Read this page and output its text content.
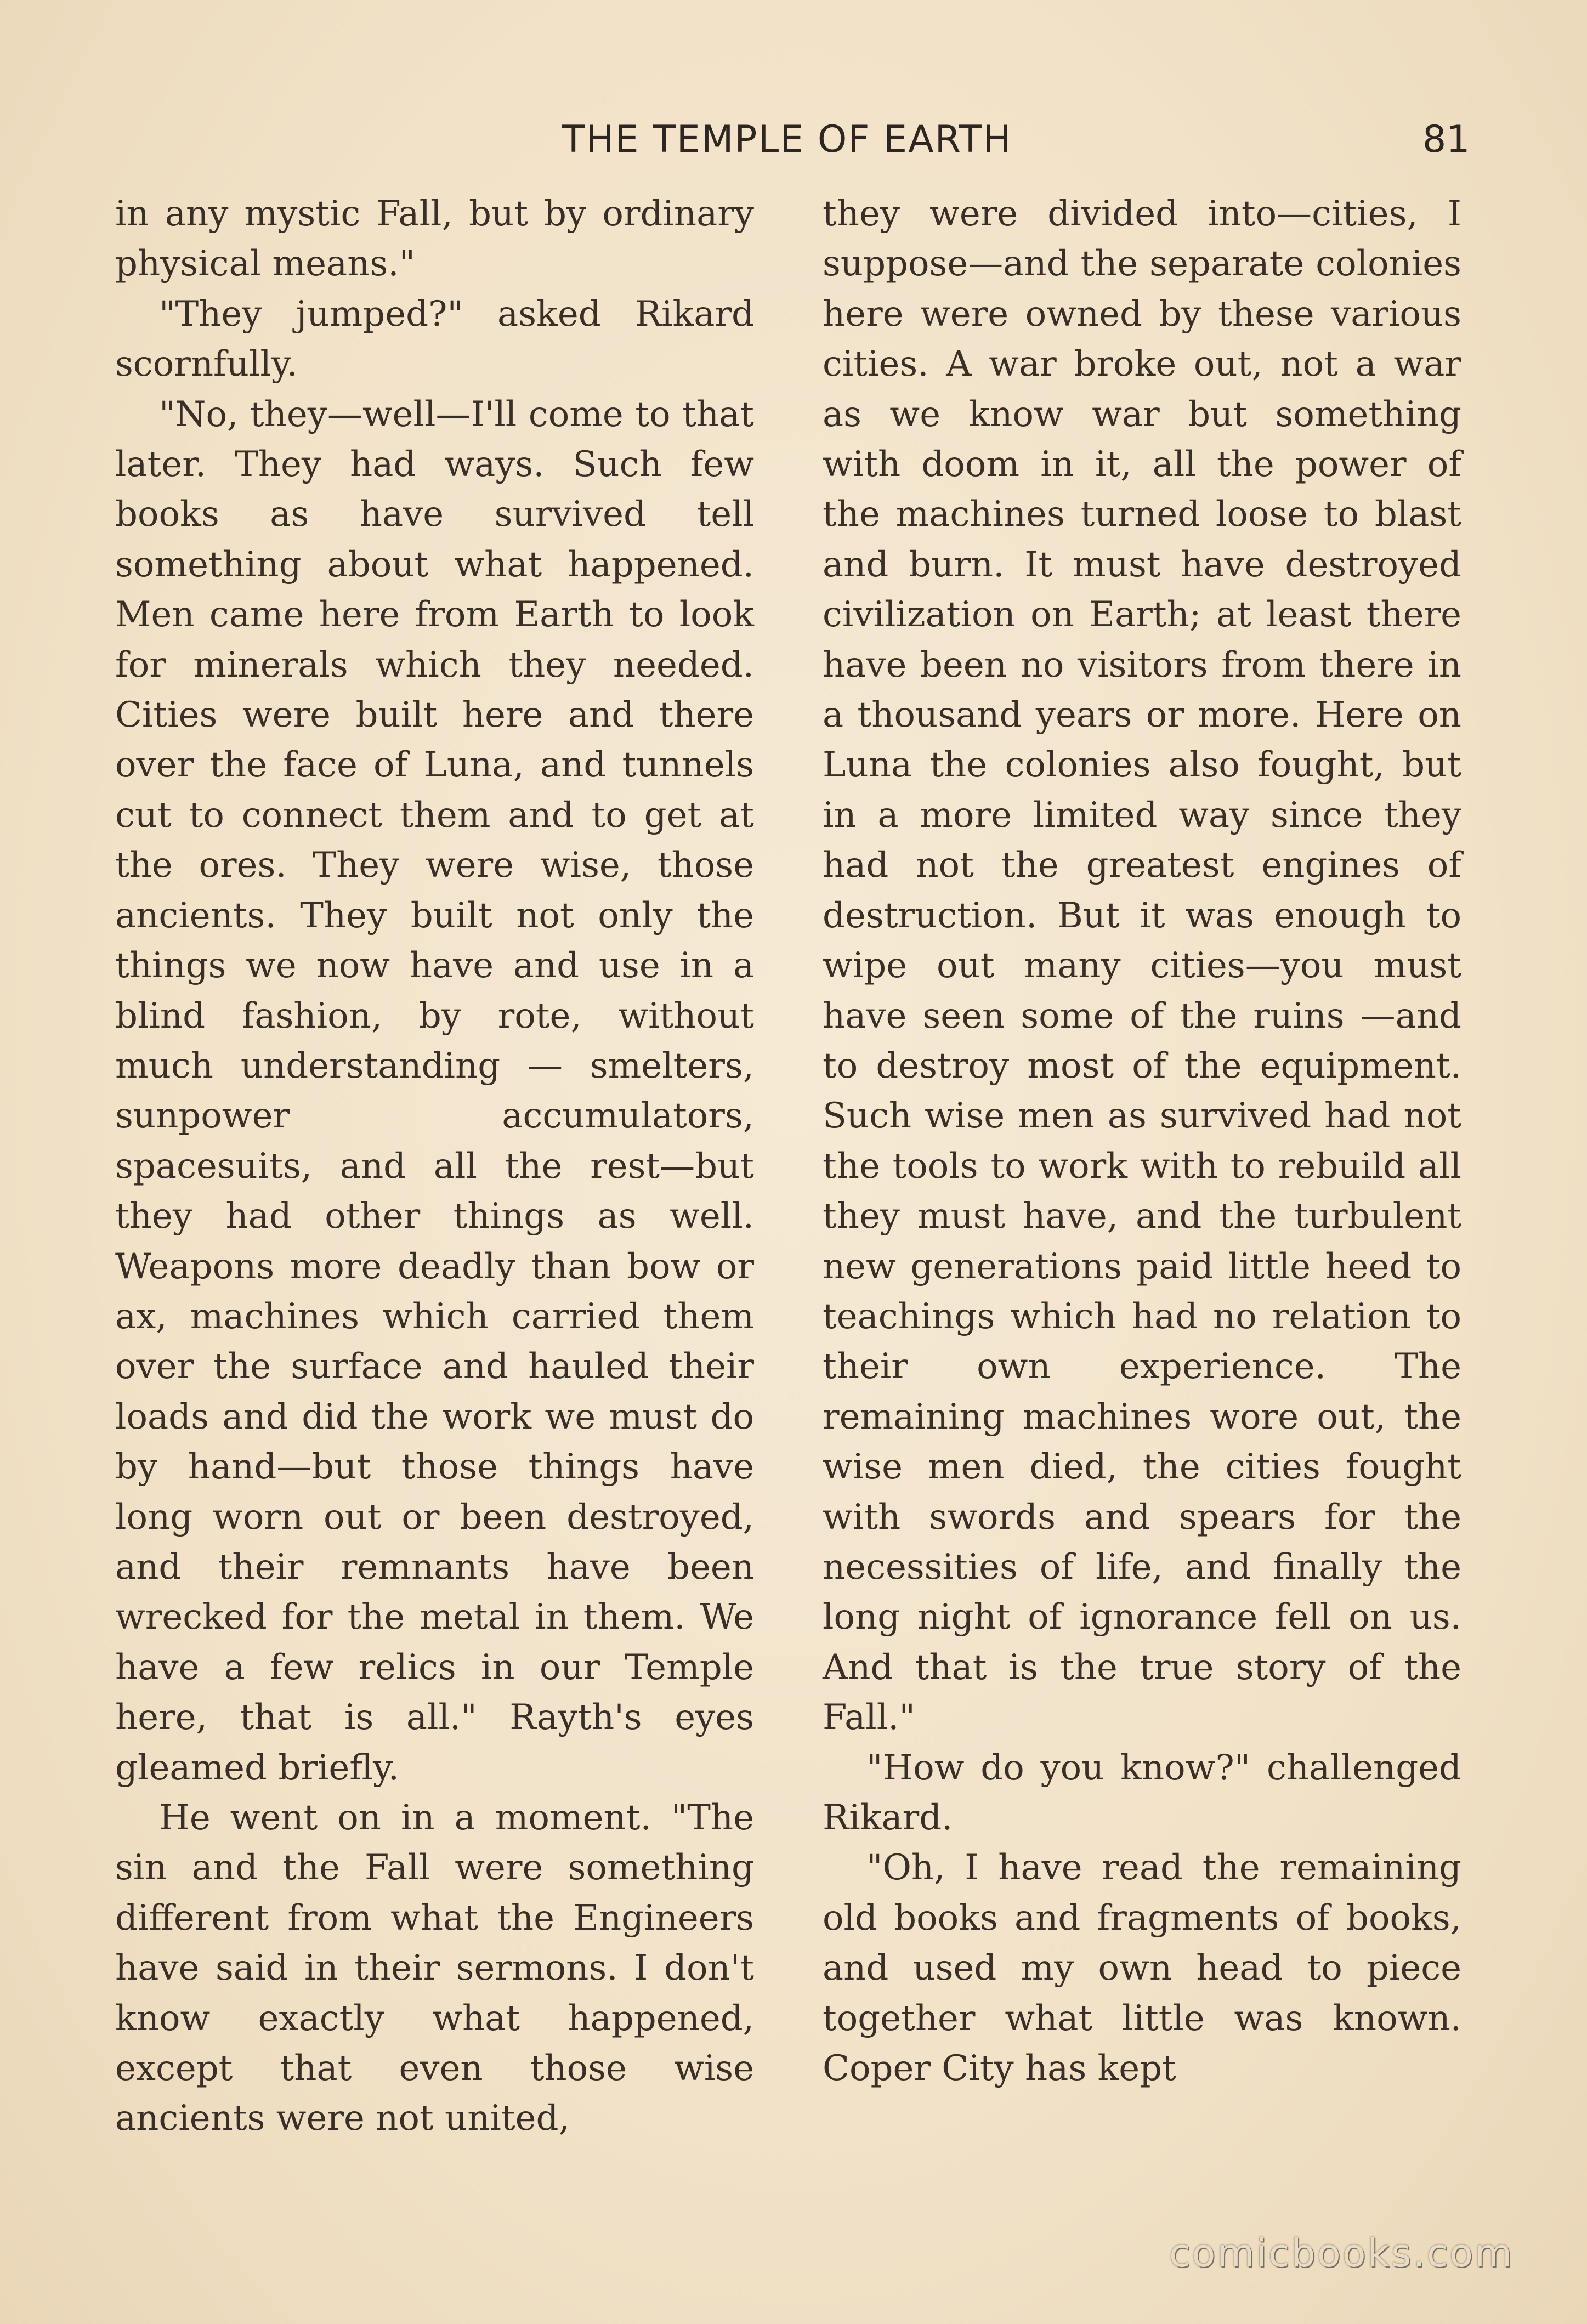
THE TEMPLE OF EARTH	81

in any mystic Fall, but by ordinary physical means."

"They jumped?" asked Rikard scornfully.

"No, they—well—I'll come to that later. They had ways. Such few books as have survived tell something about what happened. Men came here from Earth to look for minerals which they needed. Cities were built here and there over the face of Luna, and tunnels cut to connect them and to get at the ores. They were wise, those ancients. They built not only the things we now have and use in a blind fashion, by rote, without much understanding — smelters, sunpower accumulators, spacesuits, and all the rest—but they had other things as well. Weapons more deadly than bow or ax, machines which carried them over the surface and hauled their loads and did the work we must do by hand—but those things have long worn out or been destroyed, and their remnants have been wrecked for the metal in them. We have a few relics in our Temple here, that is all." Rayth's eyes gleamed briefly.

He went on in a moment. "The sin and the Fall were something different from what the Engineers have said in their sermons. I don't know exactly what happened, except that even those wise ancients were not united,

they were divided into—cities, I suppose—and the separate colonies here were owned by these various cities. A war broke out, not a war as we know war but something with doom in it, all the power of the machines turned loose to blast and burn. It must have destroyed civilization on Earth; at least there have been no visitors from there in a thousand years or more. Here on Luna the colonies also fought, but in a more limited way since they had not the greatest engines of destruction. But it was enough to wipe out many cities—you must have seen some of the ruins —and to destroy most of the equipment. Such wise men as survived had not the tools to work with to rebuild all they must have, and the turbulent new generations paid little heed to teachings which had no relation to their own experience. The remaining machines wore out, the wise men died, the cities fought with swords and spears for the necessities of life, and finally the long night of ignorance fell on us. And that is the true story of the Fall."

"How do you know?" challenged Rikard.

"Oh, I have read the remaining old books and fragments of books, and used my own head to piece together what little was known. Coper City has kept

comicbooks.com
